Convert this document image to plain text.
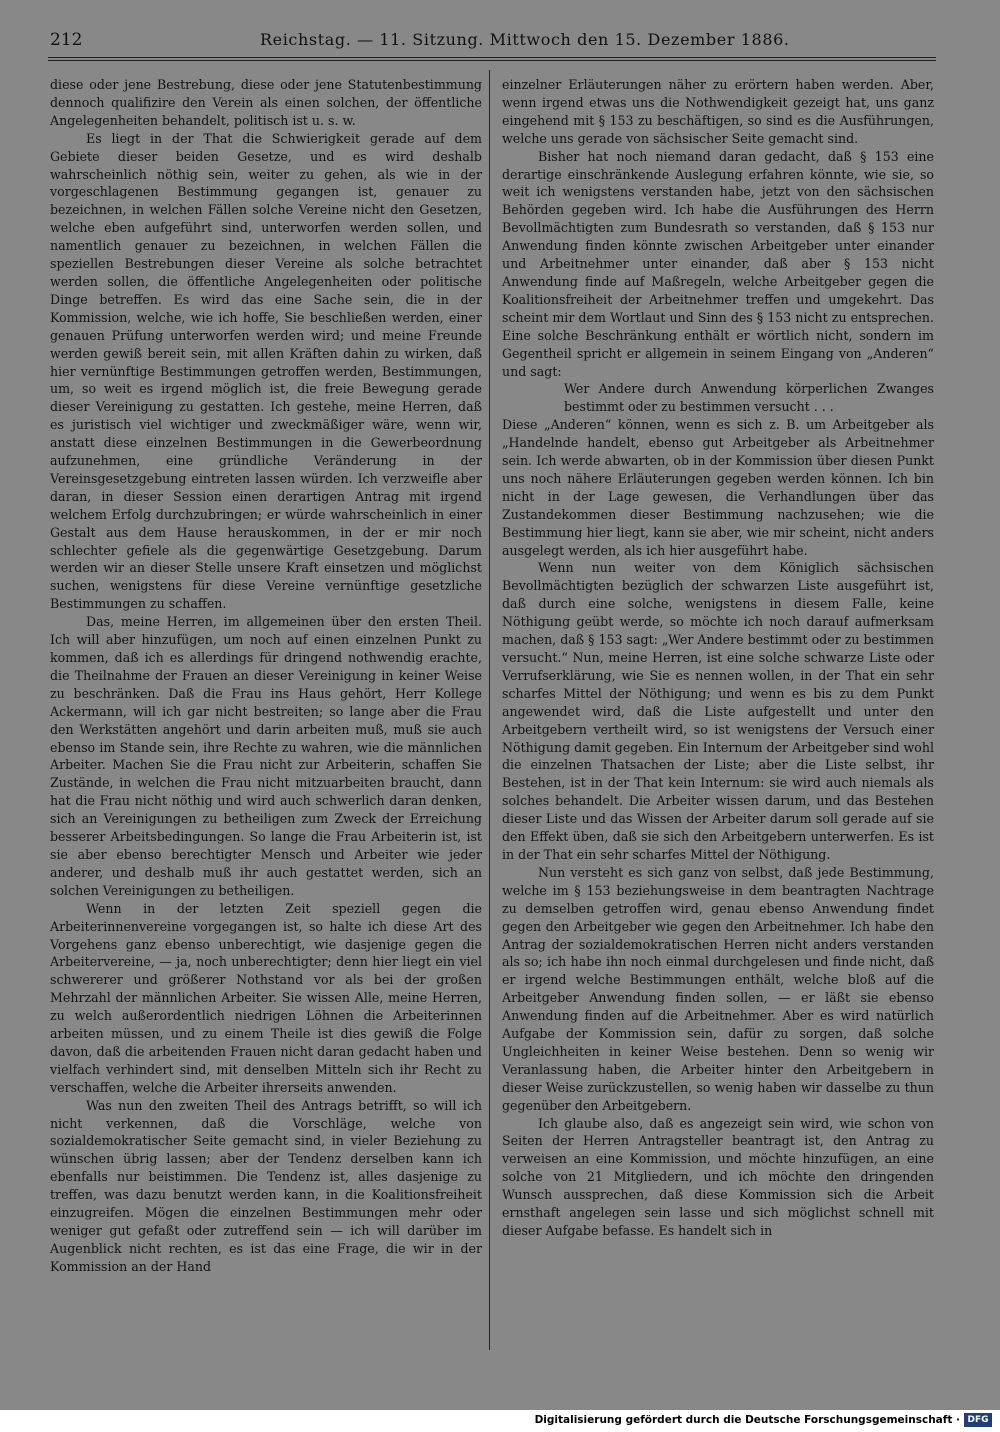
212	Reichstag. — 11. Sitzung. Mittwoch den 15. Dezember 1886.

diese oder jene Bestrebung, diese oder jene Statutenbestimmung dennoch qualifizire den Verein als einen solchen, der öffentliche Angelegenheiten behandelt, politisch ist u. s. w.

Es liegt in der That die Schwierigkeit gerade auf dem Gebiete dieser beiden Gesetze, und es wird deshalb wahrscheinlich nöthig sein, weiter zu gehen, als wie in der vorgeschlagenen Bestimmung gegangen ist, genauer zu bezeichnen, in welchen Fällen solche Vereine nicht den Gesetzen, welche eben aufgeführt sind, unterworfen werden sollen, und namentlich genauer zu bezeichnen, in welchen Fällen die speziellen Bestrebungen dieser Vereine als solche betrachtet werden sollen, die öffentliche Angelegenheiten oder politische Dinge betreffen. Es wird das eine Sache sein, die in der Kommission, welche, wie ich hoffe, Sie beschließen werden, einer genauen Prüfung unterworfen werden wird; und meine Freunde werden gewiß bereit sein, mit allen Kräften dahin zu wirken, daß hier vernünftige Bestimmungen getroffen werden, Bestimmungen, um, so weit es irgend möglich ist, die freie Bewegung gerade dieser Vereinigung zu gestatten. Ich gestehe, meine Herren, daß es juristisch viel wichtiger und zweckmäßiger wäre, wenn wir, anstatt diese einzelnen Bestimmungen in die Gewerbeordnung aufzunehmen, eine gründliche Veränderung in der Vereinsgesetzgebung eintreten lassen würden. Ich verzweifle aber daran, in dieser Session einen derartigen Antrag mit irgend welchem Erfolg durchzubringen; er würde wahrscheinlich in einer Gestalt aus dem Hause herauskommen, in der er mir noch schlechter gefiele als die gegenwärtige Gesetzgebung. Darum werden wir an dieser Stelle unsere Kraft einsetzen und möglichst suchen, wenigstens für diese Vereine vernünftige gesetzliche Bestimmungen zu schaffen.

Das, meine Herren, im allgemeinen über den ersten Theil. Ich will aber hinzufügen, um noch auf einen einzelnen Punkt zu kommen, daß ich es allerdings für dringend nothwendig erachte, die Theilnahme der Frauen an dieser Vereinigung in keiner Weise zu beschränken. Daß die Frau ins Haus gehört, Herr Kollege Ackermann, will ich gar nicht bestreiten; so lange aber die Frau den Werkstätten angehört und darin arbeiten muß, muß sie auch ebenso im Stande sein, ihre Rechte zu wahren, wie die männlichen Arbeiter. Machen Sie die Frau nicht zur Arbeiterin, schaffen Sie Zustände, in welchen die Frau nicht mitzuarbeiten braucht, dann hat die Frau nicht nöthig und wird auch schwerlich daran denken, sich an Vereinigungen zu betheiligen zum Zweck der Erreichung besserer Arbeitsbedingungen. So lange die Frau Arbeiterin ist, ist sie aber ebenso berechtigter Mensch und Arbeiter wie jeder anderer, und deshalb muß ihr auch gestattet werden, sich an solchen Vereinigungen zu betheiligen.

Wenn in der letzten Zeit speziell gegen die Arbeiterinnenvereine vorgegangen ist, so halte ich diese Art des Vorgehens ganz ebenso unberechtigt, wie dasjenige gegen die Arbeitervereine, — ja, noch unberechtigter; denn hier liegt ein viel schwererer und größerer Nothstand vor als bei der großen Mehrzahl der männlichen Arbeiter. Sie wissen Alle, meine Herren, zu welch außerordentlich niedrigen Löhnen die Arbeiterinnen arbeiten müssen, und zu einem Theile ist dies gewiß die Folge davon, daß die arbeitenden Frauen nicht daran gedacht haben und vielfach verhindert sind, mit denselben Mitteln sich ihr Recht zu verschaffen, welche die Arbeiter ihrerseits anwenden.

Was nun den zweiten Theil des Antrags betrifft, so will ich nicht verkennen, daß die Vorschläge, welche von sozialdemokratischer Seite gemacht sind, in vieler Beziehung zu wünschen übrig lassen; aber der Tendenz derselben kann ich ebenfalls nur beistimmen. Die Tendenz ist, alles dasjenige zu treffen, was dazu benutzt werden kann, in die Koalitionsfreiheit einzugreifen. Mögen die einzelnen Bestimmungen mehr oder weniger gut gefaßt oder zutreffend sein — ich will darüber im Augenblick nicht rechten, es ist das eine Frage, die wir in der Kommission an der Hand

einzelner Erläuterungen näher zu erörtern haben werden. Aber, wenn irgend etwas uns die Nothwendigkeit gezeigt hat, uns ganz eingehend mit § 153 zu beschäftigen, so sind es die Ausführungen, welche uns gerade von sächsischer Seite gemacht sind.

Bisher hat noch niemand daran gedacht, daß § 153 eine derartige einschränkende Auslegung erfahren könnte, wie sie, so weit ich wenigstens verstanden habe, jetzt von den sächsischen Behörden gegeben wird. Ich habe die Ausführungen des Herrn Bevollmächtigten zum Bundesrath so verstanden, daß § 153 nur Anwendung finden könnte zwischen Arbeitgeber unter einander und Arbeitnehmer unter einander, daß aber § 153 nicht Anwendung finde auf Maßregeln, welche Arbeitgeber gegen die Koalitionsfreiheit der Arbeitnehmer treffen und umgekehrt. Das scheint mir dem Wortlaut und Sinn des § 153 nicht zu entsprechen. Eine solche Beschränkung enthält er wörtlich nicht, sondern im Gegentheil spricht er allgemein in seinem Eingang von „Anderen“ und sagt:

Wer Andere durch Anwendung körperlichen Zwanges bestimmt oder zu bestimmen versucht . . .

Diese „Anderen“ können, wenn es sich z. B. um Arbeitgeber als „Handelnde handelt, ebenso gut Arbeitgeber als Arbeitnehmer sein. Ich werde abwarten, ob in der Kommission über diesen Punkt uns noch nähere Erläuterungen gegeben werden können. Ich bin nicht in der Lage gewesen, die Verhandlungen über das Zustandekommen dieser Bestimmung nachzusehen; wie die Bestimmung hier liegt, kann sie aber, wie mir scheint, nicht anders ausgelegt werden, als ich hier ausgeführt habe.

Wenn nun weiter von dem Königlich sächsischen Bevollmächtigten bezüglich der schwarzen Liste ausgeführt ist, daß durch eine solche, wenigstens in diesem Falle, keine Nöthigung geübt werde, so möchte ich noch darauf aufmerksam machen, daß § 153 sagt: „Wer Andere bestimmt oder zu bestimmen versucht.“ Nun, meine Herren, ist eine solche schwarze Liste oder Verrufserklärung, wie Sie es nennen wollen, in der That ein sehr scharfes Mittel der Nöthigung; und wenn es bis zu dem Punkt angewendet wird, daß die Liste aufgestellt und unter den Arbeitgebern vertheilt wird, so ist wenigstens der Versuch einer Nöthigung damit gegeben. Ein Internum der Arbeitgeber sind wohl die einzelnen Thatsachen der Liste; aber die Liste selbst, ihr Bestehen, ist in der That kein Internum: sie wird auch niemals als solches behandelt. Die Arbeiter wissen darum, und das Bestehen dieser Liste und das Wissen der Arbeiter darum soll gerade auf sie den Effekt üben, daß sie sich den Arbeitgebern unterwerfen. Es ist in der That ein sehr scharfes Mittel der Nöthigung.

Nun versteht es sich ganz von selbst, daß jede Bestimmung, welche im § 153 beziehungsweise in dem beantragten Nachtrage zu demselben getroffen wird, genau ebenso Anwendung findet gegen den Arbeitgeber wie gegen den Arbeitnehmer. Ich habe den Antrag der sozialdemokratischen Herren nicht anders verstanden als so; ich habe ihn noch einmal durchgelesen und finde nicht, daß er irgend welche Bestimmungen enthält, welche bloß auf die Arbeitgeber Anwendung finden sollen, — er läßt sie ebenso Anwendung finden auf die Arbeitnehmer. Aber es wird natürlich Aufgabe der Kommission sein, dafür zu sorgen, daß solche Ungleichheiten in keiner Weise bestehen. Denn so wenig wir Veranlassung haben, die Arbeiter hinter den Arbeitgebern in dieser Weise zurückzustellen, so wenig haben wir dasselbe zu thun gegenüber den Arbeitgebern.

Ich glaube also, daß es angezeigt sein wird, wie schon von Seiten der Herren Antragsteller beantragt ist, den Antrag zu verweisen an eine Kommission, und möchte hinzufügen, an eine solche von 21 Mitgliedern, und ich möchte den dringenden Wunsch aussprechen, daß diese Kommission sich die Arbeit ernsthaft angelegen sein lasse und sich möglichst schnell mit dieser Aufgabe befasse. Es handelt sich in

Digitalisierung gefördert durch die Deutsche Forschungsgemeinschaft · DFG
